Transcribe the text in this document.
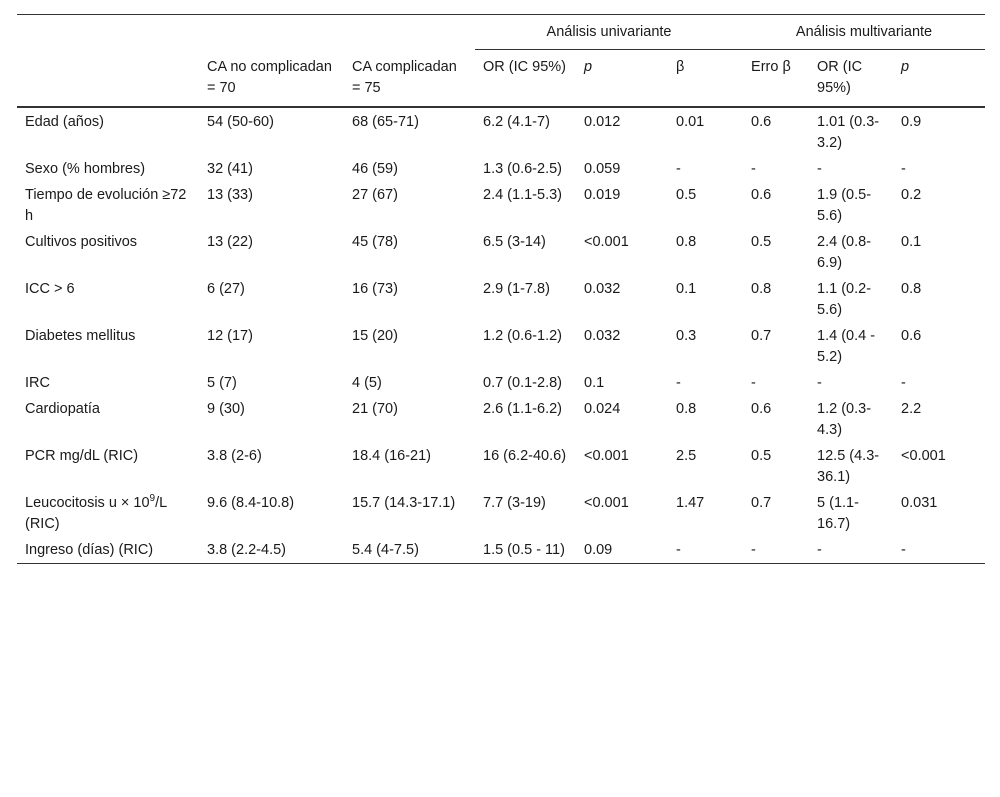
			Análisis univariante			Análisis multivariante		
	CA no complicadan = 70	CA complicadan = 75	OR (IC 95%)	p	β	Erro β	OR (IC 95%)	p
Edad (años)	54 (50-60)	68 (65-71)	6.2 (4.1-7)	0.012	0.01	0.6	1.01 (0.3-3.2)	0.9
Sexo (% hombres)	32 (41)	46 (59)	1.3 (0.6-2.5)	0.059	-	-	-	-
Tiempo de evolución ≥72 h	13 (33)	27 (67)	2.4 (1.1-5.3)	0.019	0.5	0.6	1.9 (0.5-5.6)	0.2
Cultivos positivos	13 (22)	45 (78)	6.5 (3-14)	<0.001	0.8	0.5	2.4 (0.8-6.9)	0.1
ICC > 6	6 (27)	16 (73)	2.9 (1-7.8)	0.032	0.1	0.8	1.1 (0.2-5.6)	0.8
Diabetes mellitus	12 (17)	15 (20)	1.2 (0.6-1.2)	0.032	0.3	0.7	1.4 (0.4 - 5.2)	0.6
IRC	5 (7)	4 (5)	0.7 (0.1-2.8)	0.1	-	-	-	-
Cardiopatía	9 (30)	21 (70)	2.6 (1.1-6.2)	0.024	0.8	0.6	1.2 (0.3-4.3)	2.2
PCR mg/dL (RIC)	3.8 (2-6)	18.4 (16-21)	16 (6.2-40.6)	<0.001	2.5	0.5	12.5 (4.3-36.1)	<0.001
Leucocitosis $u \times 10^9/L$ (RIC)	9.6 (8.4-10.8)	15.7 (14.3-17.1)	7.7 (3-19)	<0.001	1.47	0.7	5 (1.1-16.7)	0.031
Ingreso (días) (RIC)	3.8 (2.2-4.5)	5.4 (4-7.5)	1.5 (0.5 - 11)	0.09	-	-	-	-
